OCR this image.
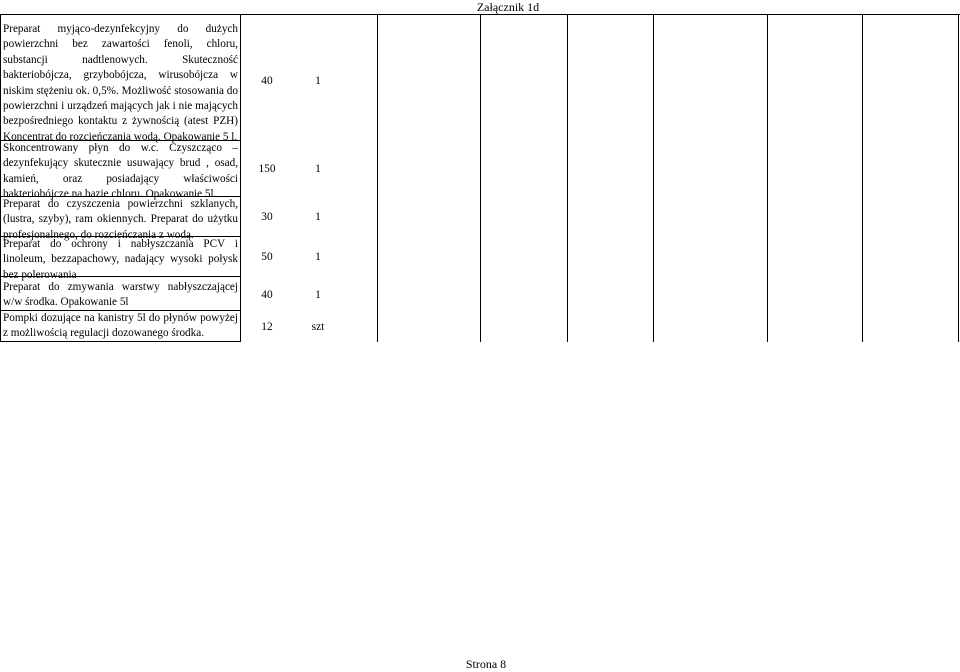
Załącznik 1d
Preparat myjąco-dezynfekcyjny do dużych powierzchni bez zawartości fenoli, chloru, substancji nadtlenowych. Skuteczność bakteriobójcza, grzybobójcza, wirusobójcza w niskim stężeniu ok. 0,5%. Możliwość stosowania do powierzchni i urządzeń mających jak i nie mających bezpośredniego kontaktu z żywnością (atest PZH) Koncentrat do rozcieńczania wodą. Opakowanie 5 l.
40	1
Skoncentrowany płyn do w.c. Czyszcząco – dezynfekujący skutecznie usuwający brud , osad, kamień, oraz posiadający właściwości bakteriobójcze na bazie chloru. Opakowanie 5l.
150	1
Preparat do czyszczenia powierzchni szklanych, (lustra, szyby), ram okiennych. Preparat do użytku profesjonalnego, do rozcieńczania z wodą.
30	1
Preparat do ochrony i nabłyszczania PCV i linoleum, bezzapachowy, nadający wysoki połysk bez polerowania
50	1
Preparat do zmywania warstwy nabłyszczającej w/w środka. Opakowanie 5l
40	1
Pompki dozujące na kanistry 5l do płynów powyżej z możliwością regulacji dozowanego środka.
12	szt
Strona 8
